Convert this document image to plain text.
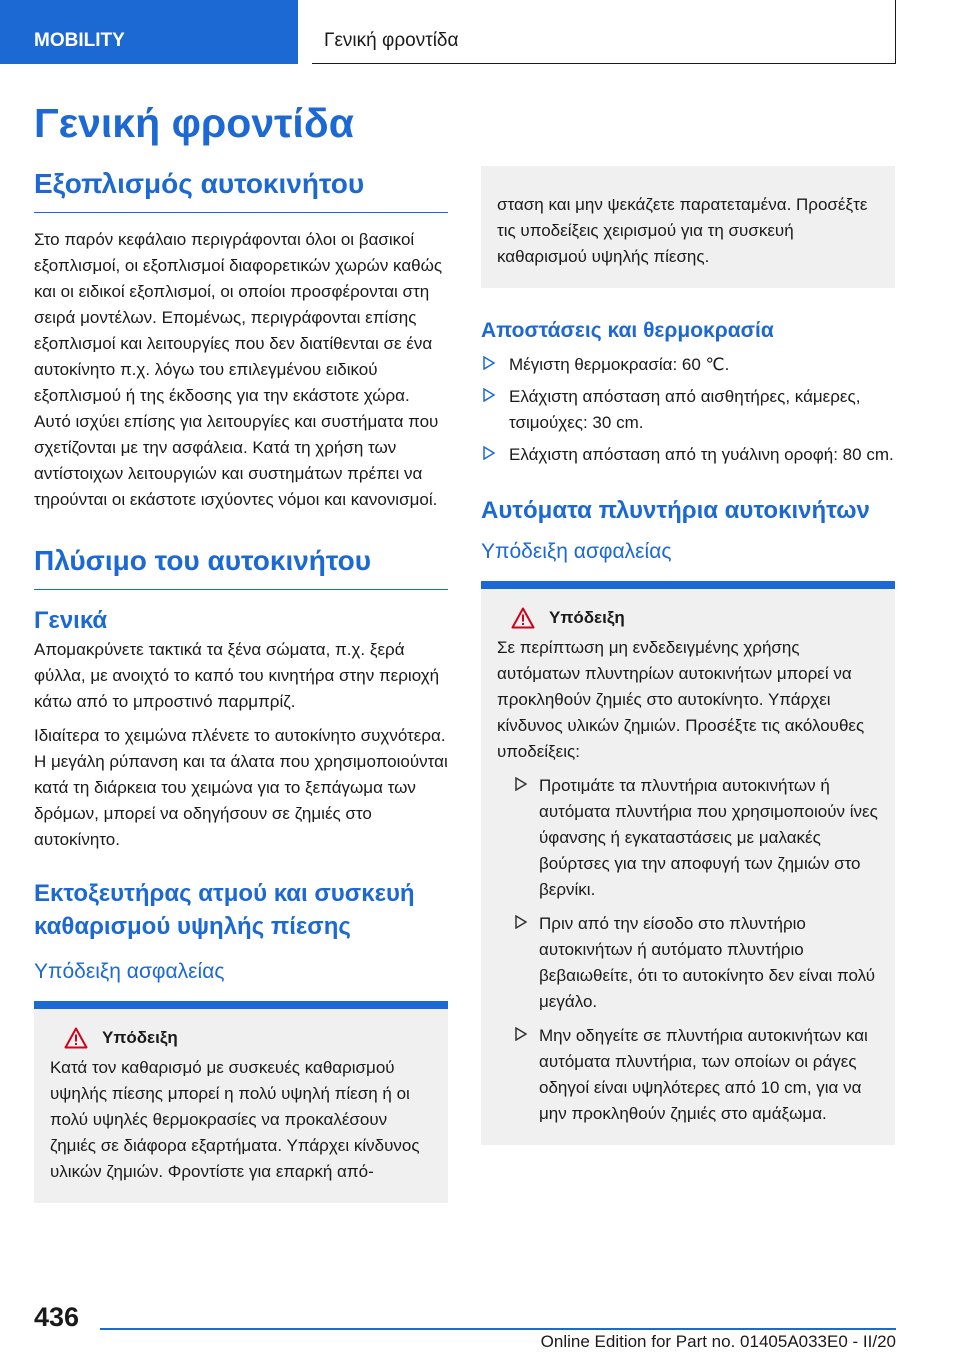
MOBILITY	Γενική φροντίδα
Γενική φροντίδα
Εξοπλισμός αυτοκινήτου

Στο παρόν κεφάλαιο περιγράφονται όλοι οι βασικοί εξοπλισμοί, οι εξοπλισμοί διαφορετικών χωρών καθώς και οι ειδικοί εξοπλισμοί, οι οποίοι προσφέρονται στη σειρά μοντέλων. Επομένως, περιγράφονται επίσης εξοπλισμοί και λειτουργίες που δεν διατίθενται σε ένα αυτοκίνητο π.χ. λόγω του επιλεγμένου ειδικού εξοπλισμού ή της έκδοσης για την εκάστοτε χώρα. Αυτό ισχύει επίσης για λειτουργίες και συστήματα που σχετίζονται με την ασφάλεια. Κατά τη χρήση των αντίστοιχων λειτουργιών και συστημάτων πρέπει να τηρούνται οι εκάστοτε ισχύοντες νόμοι και κανονισμοί.

Πλύσιμο του αυτοκινήτου
Γενικά

Απομακρύνετε τακτικά τα ξένα σώματα, π.χ. ξερά φύλλα, με ανοιχτό το καπό του κινητήρα στην περιοχή κάτω από το μπροστινό παρμπρίζ.

Ιδιαίτερα το χειμώνα πλένετε το αυτοκίνητο συχνότερα. Η μεγάλη ρύπανση και τα άλατα που χρησιμοποιούνται κατά τη διάρκεια του χειμώνα για το ξεπάγωμα των δρόμων, μπορεί να οδηγήσουν σε ζημιές στο αυτοκίνητο.

Εκτοξευτήρας ατμού και συσκευή καθαρισμού υψηλής πίεσης
Υπόδειξη ασφαλείας
Υπόδειξη

Κατά τον καθαρισμό με συσκευές καθαρισμού υψηλής πίεσης μπορεί η πολύ υψηλή πίεση ή οι πολύ υψηλές θερμοκρασίες να προκαλέσουν ζημιές σε διάφορα εξαρτήματα. Υπάρχει κίνδυνος υλικών ζημιών. Φροντίστε για επαρκή από-

σταση και μην ψεκάζετε παρατεταμένα. Προσέξτε τις υποδείξεις χειρισμού για τη συσκευή καθαρισμού υψηλής πίεσης.

Αποστάσεις και θερμοκρασία
Μέγιστη θερμοκρασία: 60 ℃.
Ελάχιστη απόσταση από αισθητήρες, κάμερες, τσιμούχες: 30 cm.
Ελάχιστη απόσταση από τη γυάλινη οροφή: 80 cm.
Αυτόματα πλυντήρια αυτοκινήτων
Υπόδειξη ασφαλείας
Υπόδειξη

Σε περίπτωση μη ενδεδειγμένης χρήσης αυτόματων πλυντηρίων αυτοκινήτων μπορεί να προκληθούν ζημιές στο αυτοκίνητο. Υπάρχει κίνδυνος υλικών ζημιών. Προσέξτε τις ακόλουθες υποδείξεις:

Προτιμάτε τα πλυντήρια αυτοκινήτων ή αυτόματα πλυντήρια που χρησιμοποιούν ίνες ύφανσης ή εγκαταστάσεις με μαλακές βούρτσες για την αποφυγή των ζημιών στο βερνίκι.
Πριν από την είσοδο στο πλυντήριο αυτοκινήτων ή αυτόματο πλυντήριο βεβαιωθείτε, ότι το αυτοκίνητο δεν είναι πολύ μεγάλο.
Μην οδηγείτε σε πλυντήρια αυτοκινήτων και αυτόματα πλυντήρια, των οποίων οι ράγες οδηγοί είναι υψηλότερες από 10 cm, για να μην προκληθούν ζημιές στο αμάξωμα.
436
Online Edition for Part no. 01405A033E0 - II/20
